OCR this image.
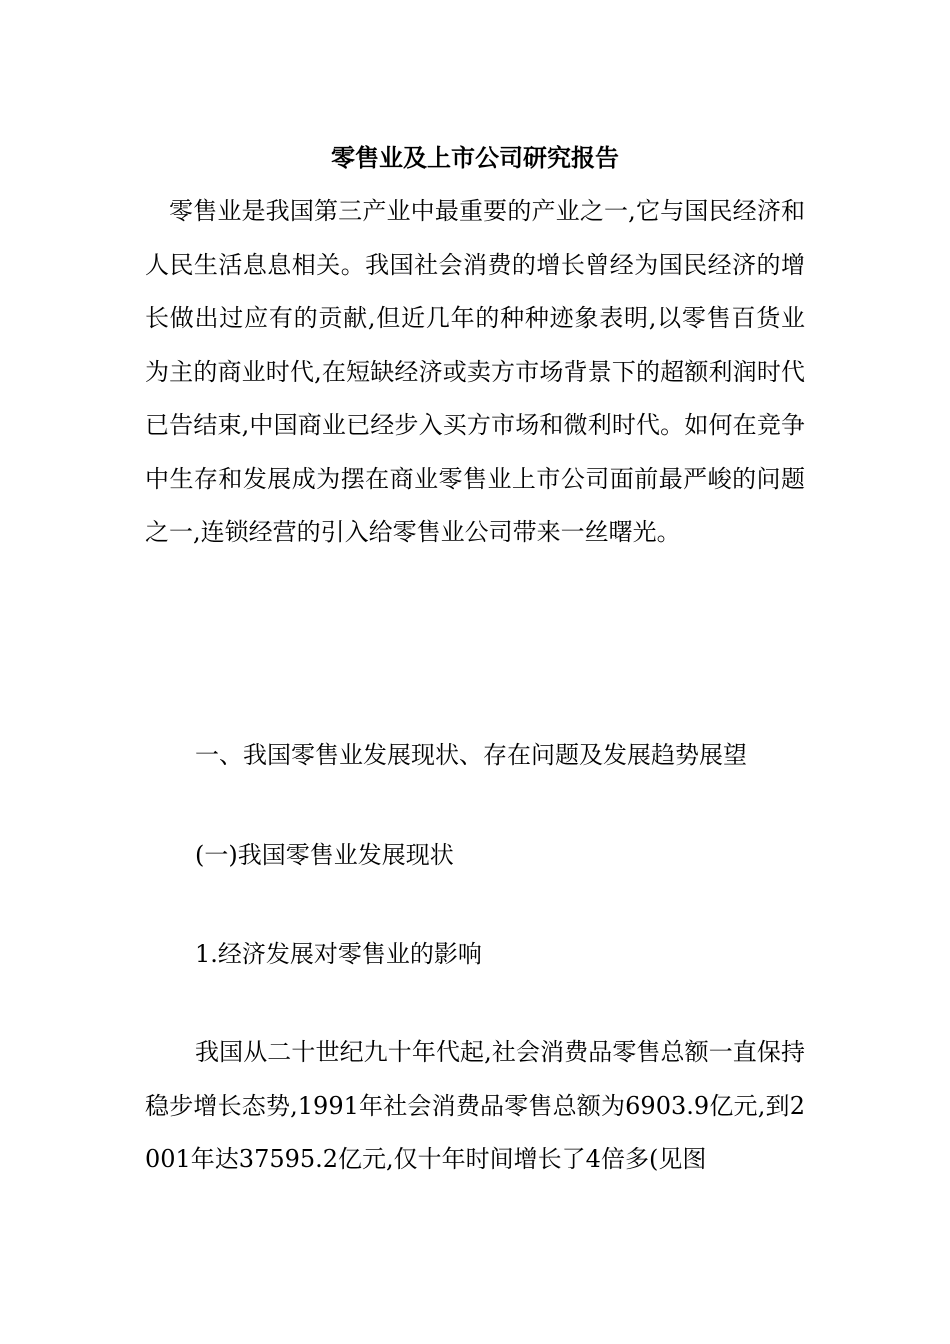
零售业及上市公司研究报告

零售业是我国第三产业中最重要的产业之一,它与国民经济和人民生活息息相关。我国社会消费的增长曾经为国民经济的增长做出过应有的贡献,但近几年的种种迹象表明,以零售百货业为主的商业时代,在短缺经济或卖方市场背景下的超额利润时代已告结束,中国商业已经步入买方市场和微利时代。如何在竞争中生存和发展成为摆在商业零售业上市公司面前最严峻的问题之一,连锁经营的引入给零售业公司带来一丝曙光。

一、我国零售业发展现状、存在问题及发展趋势展望

(一)我国零售业发展现状

1.经济发展对零售业的影响

我国从二十世纪九十年代起,社会消费品零售总额一直保持稳步增长态势,1991年社会消费品零售总额为6903.9亿元,到2001年达37595.2亿元,仅十年时间增长了4倍多(见图
